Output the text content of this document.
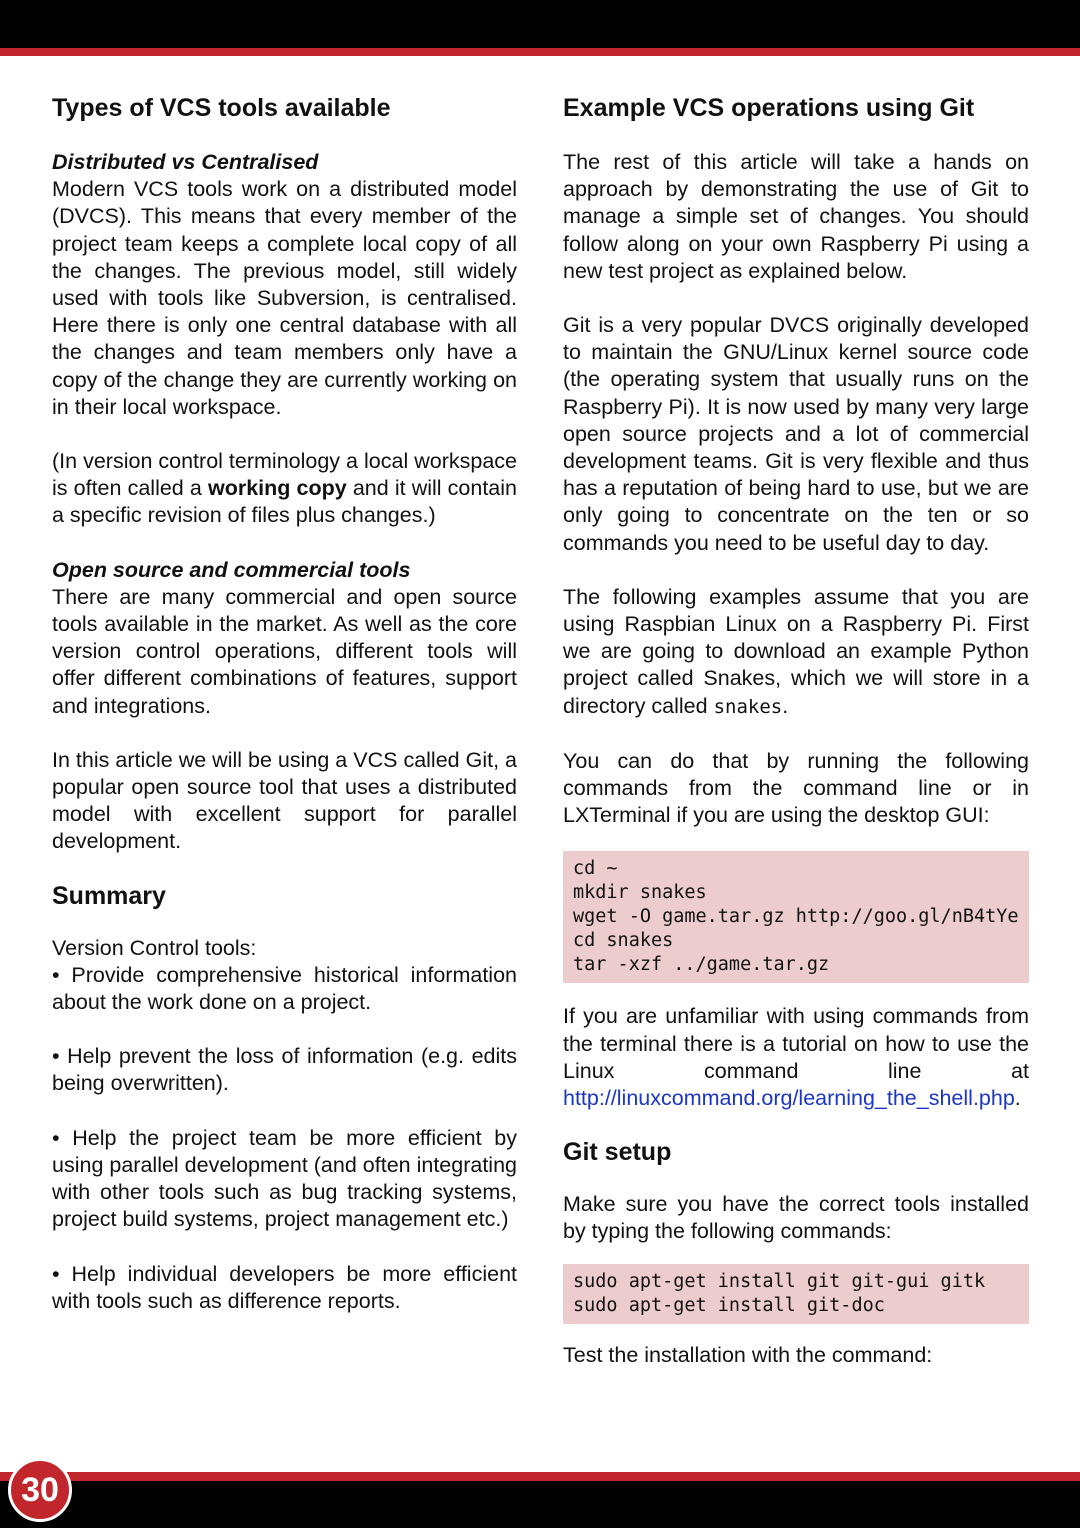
Types of VCS tools available
Distributed vs Centralised

Modern VCS tools work on a distributed model (DVCS). This means that every member of the project team keeps a complete local copy of all the changes. The previous model, still widely used with tools like Subversion, is centralised. Here there is only one central database with all the changes and team members only have a copy of the change they are currently working on in their local workspace.

(In version control terminology a local workspace is often called a working copy and it will contain a specific revision of files plus changes.)

Open source and commercial tools

There are many commercial and open source tools available in the market. As well as the core version control operations, different tools will offer different combinations of features, support and integrations.

In this article we will be using a VCS called Git, a popular open source tool that uses a distributed model with excellent support for parallel development.

Summary

Version Control tools:

• Provide comprehensive historical information about the work done on a project.
• Help prevent the loss of information (e.g. edits being overwritten).
• Help the project team be more efficient by using parallel development (and often integrating with other tools such as bug tracking systems, project build systems, project management etc.)
• Help individual developers be more efficient with tools such as difference reports.
Example VCS operations using Git

The rest of this article will take a hands on approach by demonstrating the use of Git to manage a simple set of changes. You should follow along on your own Raspberry Pi using a new test project as explained below.

Git is a very popular DVCS originally developed to maintain the GNU/Linux kernel source code (the operating system that usually runs on the Raspberry Pi). It is now used by many very large open source projects and a lot of commercial development teams. Git is very flexible and thus has a reputation of being hard to use, but we are only going to concentrate on the ten or so commands you need to be useful day to day.

The following examples assume that you are using Raspbian Linux on a Raspberry Pi. First we are going to download an example Python project called Snakes, which we will store in a directory called snakes.

You can do that by running the following commands from the command line or in LXTerminal if you are using the desktop GUI:

cd ~
mkdir snakes
wget -O game.tar.gz http://goo.gl/nB4tYe
cd snakes
tar -xzf ../game.tar.gz

If you are unfamiliar with using commands from the terminal there is a tutorial on how to use the Linux command line at http://linuxcommand.org/learning_the_shell.php.

Git setup

Make sure you have the correct tools installed by typing the following commands:

sudo apt-get install git git-gui gitk
sudo apt-get install git-doc

Test the installation with the command:

30
